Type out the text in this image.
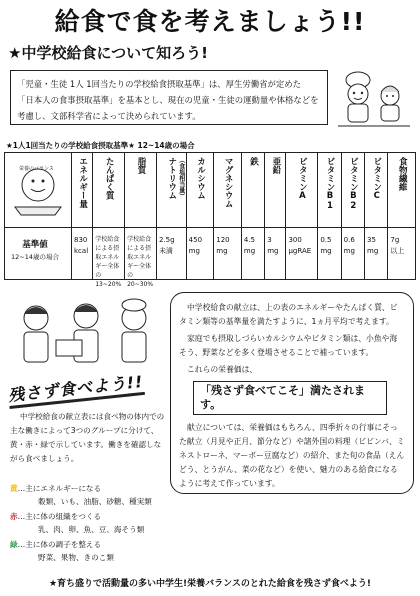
給食で食を考えましょう!!
★中学校給食について知ろう!
「児童・生徒 1人 1回当たりの学校給食摂取基準」は、厚生労働省が定めた
「日本人の食事摂取基準」を基本とし、現在の児童・生徒の運動量や体格などを
考慮し、文部科学省によって決められています。
★1人1回当たりの学校給食摂取基準★ 12~14歳の場合
栄養のバランス	エネルギー量
830
kcal
たんぱく質
学校給食による摂取エネルギー全体の 13~20%
脂質
学校給食による摂取エネルギー全体の 20~30%
ナトリウム （食塩相当量）
2.5g
未満
カルシウム
450
mg
マグネシウム
120
mg
鉄
4.5
mg
亜鉛
3
mg
ビタミンA
300
μgRAE
ビタミンB1
0.5
mg
ビタミンB2
0.6
mg
ビタミンC
35
mg
食物繊維
7g
以上
基準値
12~14歳の場合
残さず食べよう!!

中学校給食の献立表には食べ物の体内での主な働きによって3つのグループに分けて、黄・赤・緑で示しています。働きを確認しながら食べましょう。

黄…主にエネルギーになる
穀類、いも、油脂、砂糖、種実類
赤…主に体の組織をつくる
乳、肉、卵、魚、豆、海そう類
緑…主に体の調子を整える
野菜、果物、きのこ類

中学校給食の献立は、上の表のエネルギーやたんぱく質、ビタミン類等の基準量を満たすように、1ヵ月平均で考えます。

家庭でも摂取しづらいカルシウムやビタミン類は、小魚や海そう、野菜などを多く登場させることで補っています。

これらの栄養価は、

「残さず食べてこそ」満たされます。

献立については、栄養価はもちろん、四季折々の行事にそった献立（月見や正月、節分など）や諸外国の料理（ビビンバ、ミネストローネ、マーボー豆腐など）の紹介、また旬の食品（えんどう、とうがん、菜の花など）を使い、魅力のある給食になるように考えて作っています。

★育ち盛りで活動量の多い中学生!栄養バランスのとれた給食を残さず食べよう!
